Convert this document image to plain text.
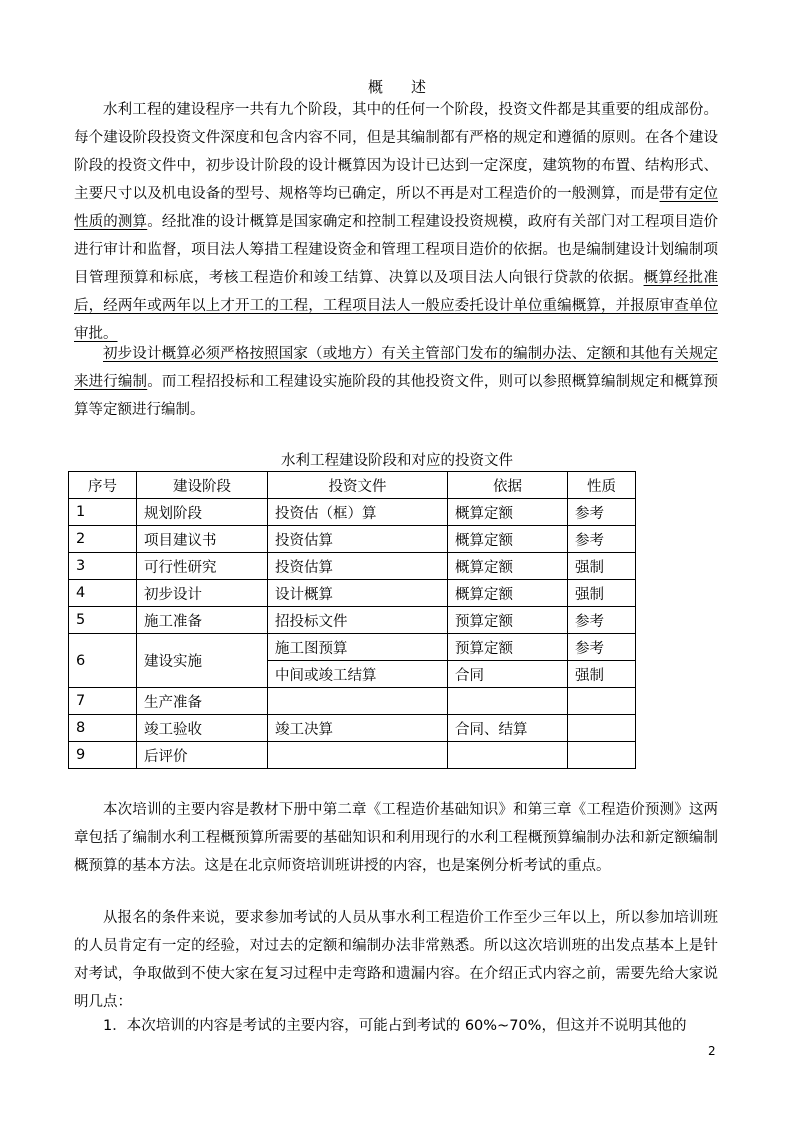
概 述
水利工程的建设程序一共有九个阶段，其中的任何一个阶段，投资文件都是其重要的组成部份。每个建设阶段投资文件深度和包含内容不同，但是其编制都有严格的规定和遵循的原则。在各个建设阶段的投资文件中，初步设计阶段的设计概算因为设计已达到一定深度，建筑物的布置、结构形式、主要尺寸以及机电设备的型号、规格等均已确定，所以不再是对工程造价的一般测算，而是带有定位性质的测算。经批准的设计概算是国家确定和控制工程建设投资规模，政府有关部门对工程项目造价进行审计和监督，项目法人筹措工程建设资金和管理工程项目造价的依据。也是编制建设计划编制项目管理预算和标底，考核工程造价和竣工结算、决算以及项目法人向银行贷款的依据。概算经批准后，经两年或两年以上才开工的工程，工程项目法人一般应委托设计单位重编概算，并报原审查单位审批。
初步设计概算必须严格按照国家（或地方）有关主管部门发布的编制办法、定额和其他有关规定来进行编制。而工程招投标和工程建设实施阶段的其他投资文件，则可以参照概算编制规定和概算预算等定额进行编制。
水利工程建设阶段和对应的投资文件
序号	建设阶段	投资文件	依据	性质
1	规划阶段	投资估（框）算	概算定额	参考
2	项目建议书	投资估算	概算定额	参考
3	可行性研究	投资估算	概算定额	强制
4	初步设计	设计概算	概算定额	强制
5	施工准备	招投标文件	预算定额	参考
6	建设实施	施工图预算	预算定额	参考
		中间或竣工结算	合同	强制
7	生产准备			
8	竣工验收	竣工决算	合同、结算	
9	后评价			
本次培训的主要内容是教材下册中第二章《工程造价基础知识》和第三章《工程造价预测》这两章包括了编制水利工程概预算所需要的基础知识和利用现行的水利工程概预算编制办法和新定额编制概预算的基本方法。这是在北京师资培训班讲授的内容，也是案例分析考试的重点。
从报名的条件来说，要求参加考试的人员从事水利工程造价工作至少三年以上，所以参加培训班的人员肯定有一定的经验，对过去的定额和编制办法非常熟悉。所以这次培训班的出发点基本上是针对考试，争取做到不使大家在复习过程中走弯路和遗漏内容。在介绍正式内容之前，需要先给大家说明几点：
1．本次培训的内容是考试的主要内容，可能占到考试的 60%~70%，但这并不说明其他的
2
